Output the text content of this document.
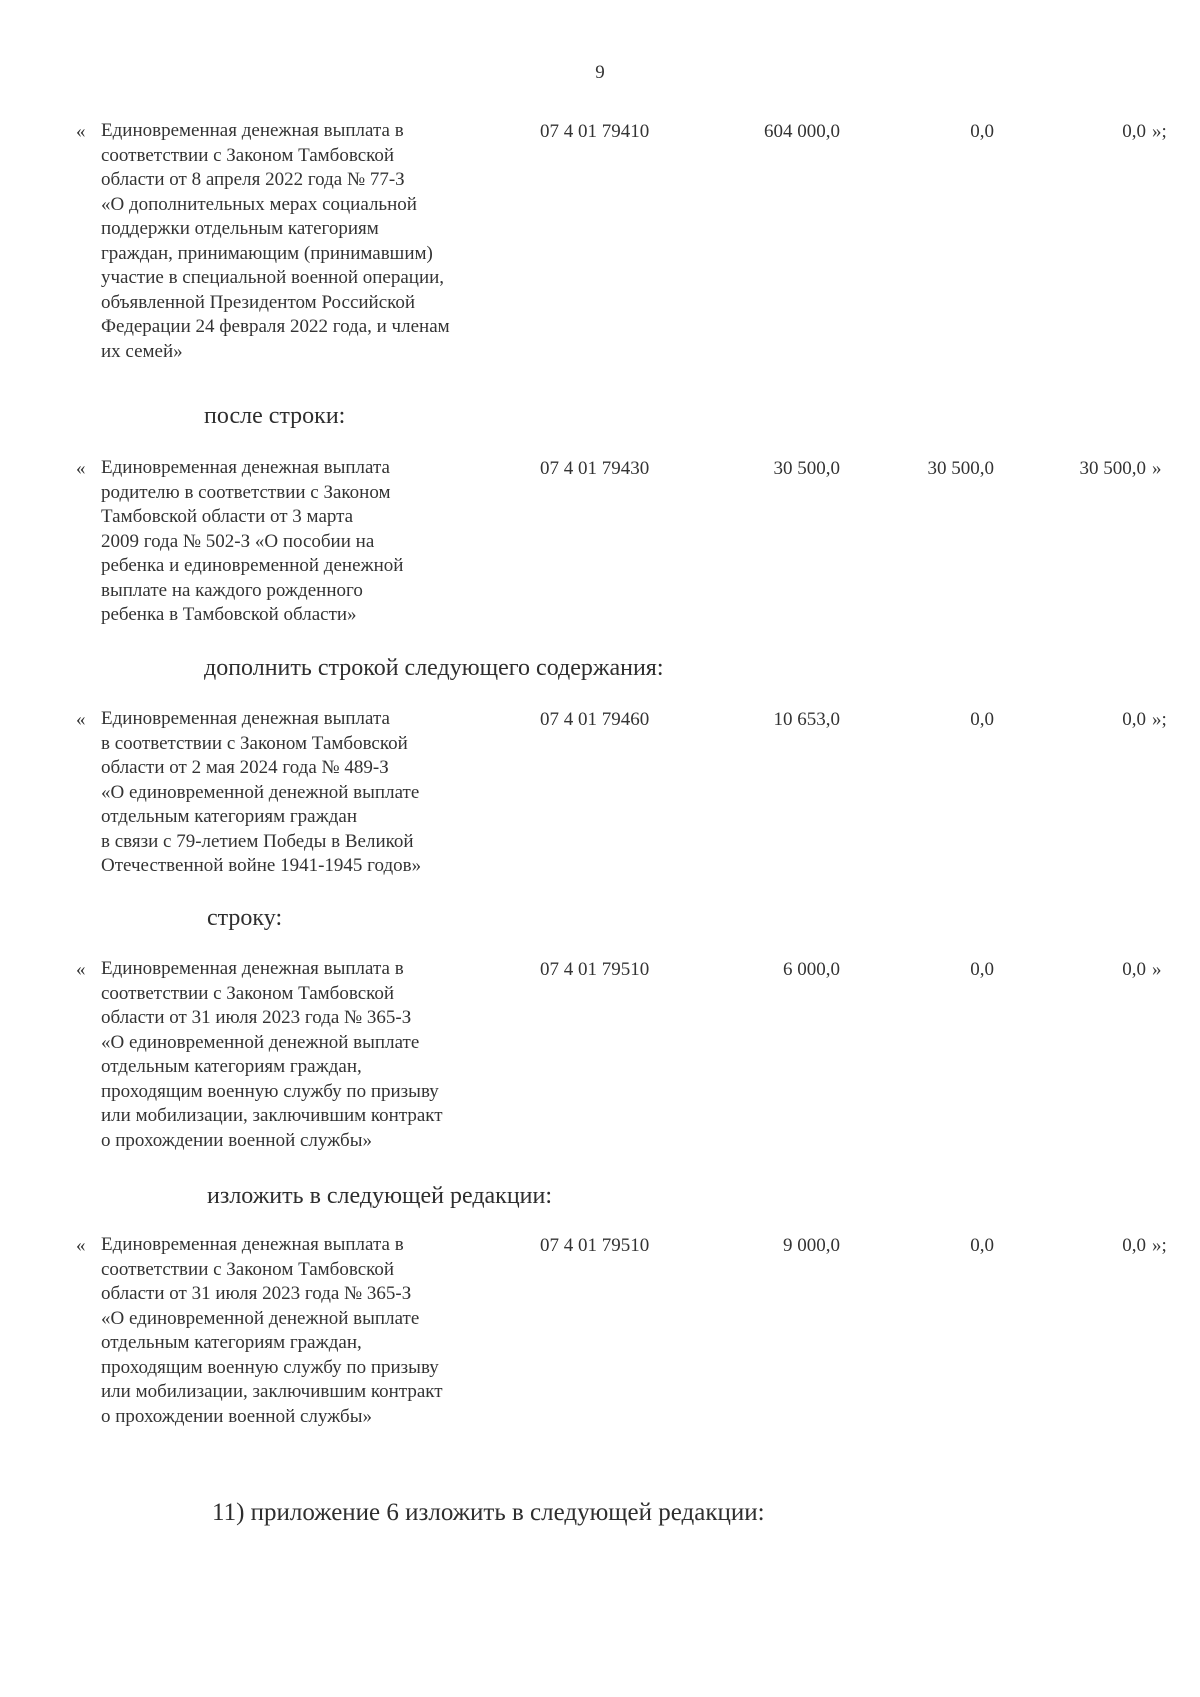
9
« Единовременная денежная выплата в
соответствии с Законом Тамбовской
области от 8 апреля 2022 года № 77-З
«О дополнительных мерах социальной
поддержки отдельным категориям
граждан, принимающим (принимавшим)
участие в специальной военной операции,
объявленной Президентом Российской
Федерации 24 февраля 2022 года, и членам
их семей»
07 4 01 79410	604 000,0	0,0	0,0 »;
после строки:
« Единовременная денежная выплата
родителю в соответствии с Законом
Тамбовской области от 3 марта
2009 года № 502-З «О пособии на
ребенка и единовременной денежной
выплате на каждого рожденного
ребенка в Тамбовской области»
07 4 01 79430	30 500,0	30 500,0	30 500,0 »
дополнить строкой следующего содержания:
« Единовременная денежная выплата
в соответствии с Законом Тамбовской
области от 2 мая 2024 года № 489-З
«О единовременной денежной выплате
отдельным категориям граждан
в связи с 79-летием Победы в Великой
Отечественной войне 1941-1945 годов»
07 4 01 79460	10 653,0	0,0	0,0 »;
строку:
« Единовременная денежная выплата в
соответствии с Законом Тамбовской
области от 31 июля 2023 года № 365-З
«О единовременной денежной выплате
отдельным категориям граждан,
проходящим военную службу по призыву
или мобилизации, заключившим контракт
о прохождении военной службы»
07 4 01 79510	6 000,0	0,0	0,0 »
изложить в следующей редакции:
« Единовременная денежная выплата в
соответствии с Законом Тамбовской
области от 31 июля 2023 года № 365-З
«О единовременной денежной выплате
отдельным категориям граждан,
проходящим военную службу по призыву
или мобилизации, заключившим контракт
о прохождении военной службы»
07 4 01 79510	9 000,0	0,0	0,0 »;
11) приложение 6 изложить в следующей редакции:
